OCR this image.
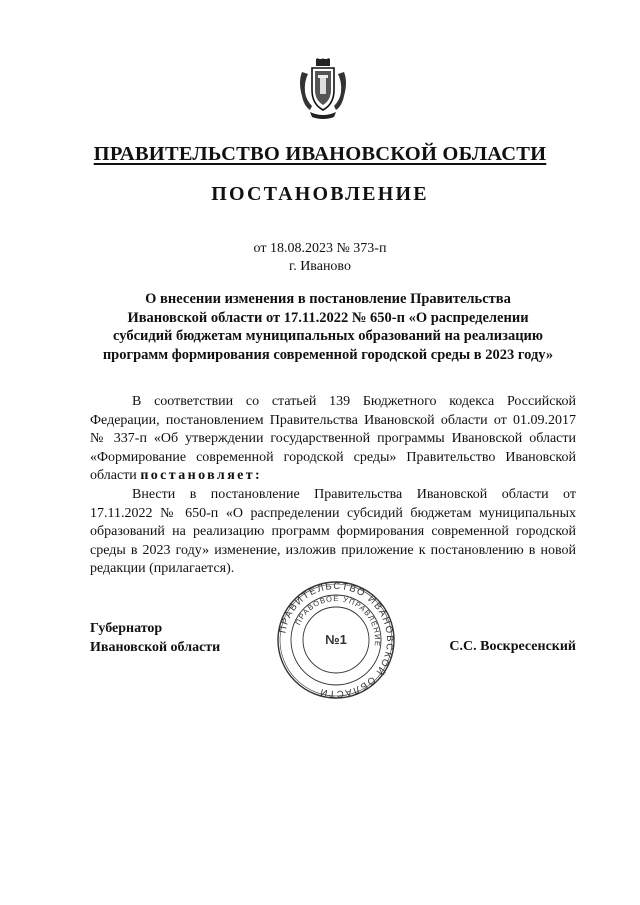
ПРАВИТЕЛЬСТВО ИВАНОВСКОЙ ОБЛАСТИ
ПОСТАНОВЛЕНИЕ
от 18.08.2023 № 373-п
г. Иваново
О внесении изменения в постановление Правительства
Ивановской области от 17.11.2022 № 650-п «О распределении
субсидий бюджетам муниципальных образований на реализацию
программ формирования современной городской среды в 2023 году»

В соответствии со статьей 139 Бюджетного кодекса Российской Федерации, постановлением Правительства Ивановской области от 01.09.2017 № 337-п «Об утверждении государственной программы Ивановской области «Формирование современной городской среды» Правительство Ивановской области постановляет:

Внести в постановление Правительства Ивановской области от 17.11.2022 № 650-п «О распределении субсидий бюджетам муниципальных образований на реализацию программ формирования современной городской среды в 2023 году» изменение, изложив приложение к постановлению в новой редакции (прилагается).

Губернатор
Ивановской области	С.С. Воскресенский
ПРАВИТЕЛЬСТВО ИВАНОВСКОЙ ОБЛАСТИ
ПРАВОВОЕ УПРАВЛЕНИЕ
№1
